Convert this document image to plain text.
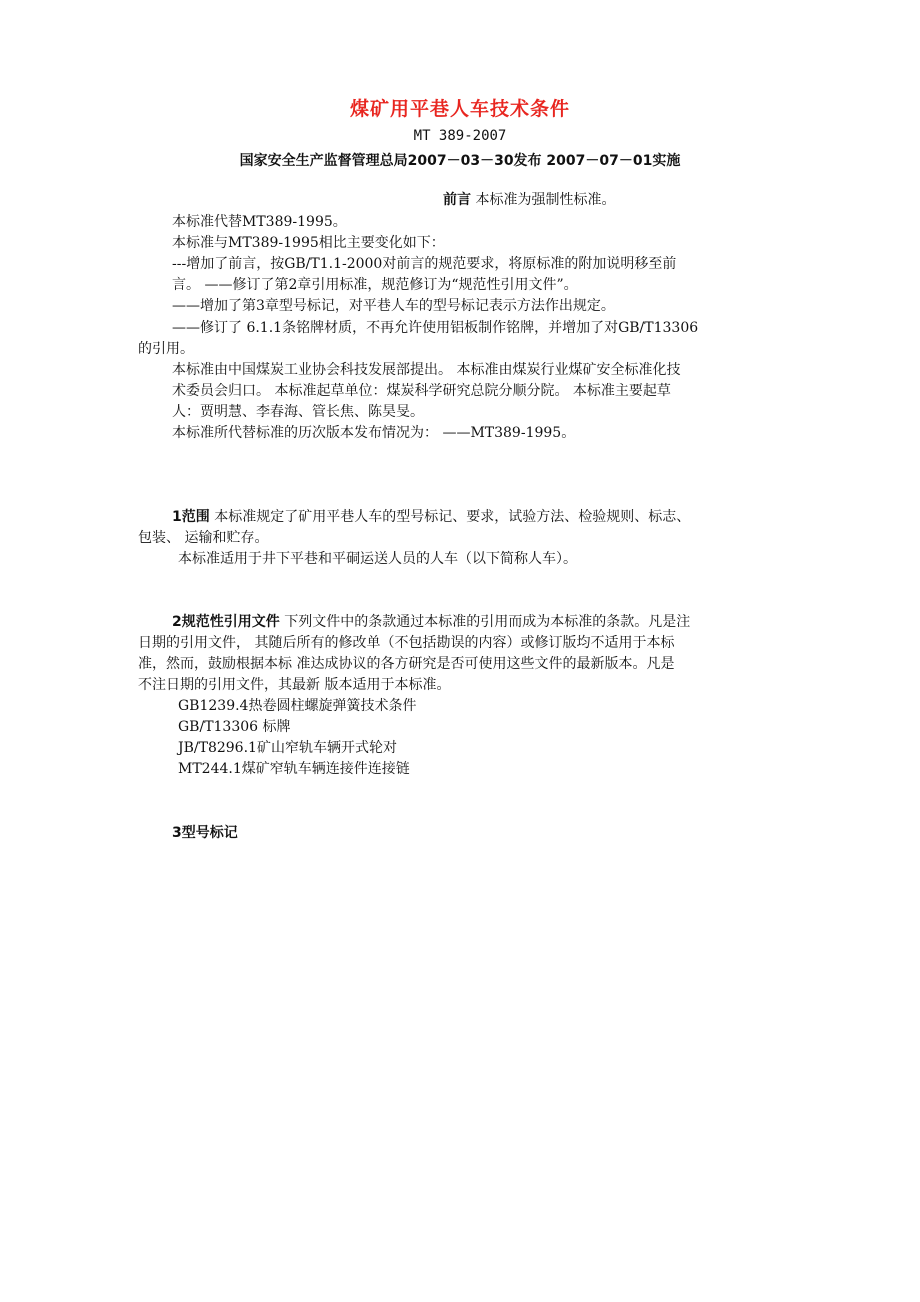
煤矿用平巷人车技术条件
MT 389-2007
国家安全生产监督管理总局2007－03－30发布 2007－07－01实施
前言 本标准为强制性标准。
本标准代替MT389-1995。
本标准与MT389-1995相比主要变化如下：
---增加了前言，按GB/T1.1-2000对前言的规范要求，将原标准的附加说明移至前
言。 ——修订了第2章引用标准，规范修订为“规范性引用文件”。
——增加了第3章型号标记，对平巷人车的型号标记表示方法作出规定。
——修订了 6.1.1条铭牌材质，不再允许使用铝板制作铭牌，并增加了对GB/T13306
的引用。
本标准由中国煤炭工业协会科技发展部提出。 本标准由煤炭行业煤矿安全标准化技
术委员会归口。 本标准起草单位：煤炭科学研究总院分顺分院。 本标准主要起草
人：贾明慧、李春海、管长焦、陈昊旻。
本标准所代替标准的历次版本发布情况为： ——MT389-1995。
1范围 本标准规定了矿用平巷人车的型号标记、要求，试验方法、检验规则、标志、
包装、 运输和贮存。
本标准适用于井下平巷和平硐运送人员的人车（以下简称人车）。
2规范性引用文件 下列文件中的条款通过本标准的引用而成为本标准的条款。凡是注
日期的引用文件， 其随后所有的修改单（不包括勘误的内容）或修订版均不适用于本标
准，然而，鼓励根据本标 准达成协议的各方研究是否可使用这些文件的最新版本。凡是
不注日期的引用文件，其最新 版本适用于本标准。
GB1239.4热卷圆柱螺旋弹簧技术条件
GB/T13306 标牌
JB/T8296.1矿山窄轨车辆开式轮对
MT244.1煤矿窄轨车辆连接件连接链
3型号标记
